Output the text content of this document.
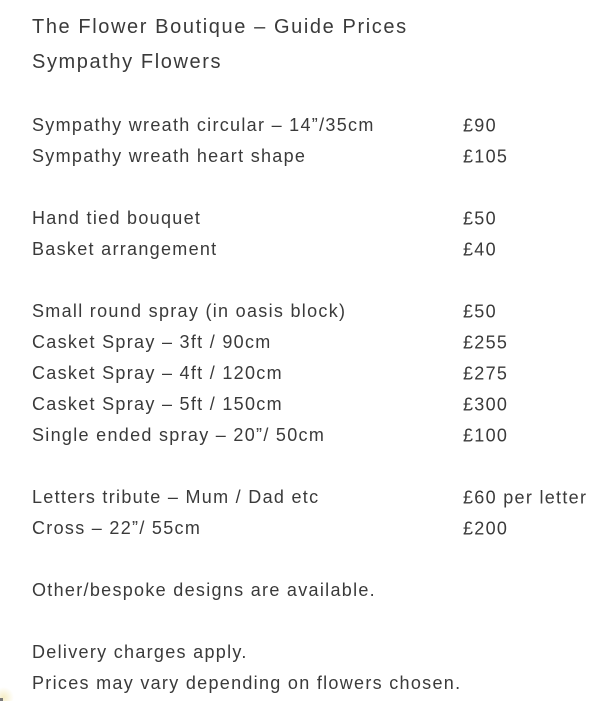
The Flower Boutique – Guide Prices
Sympathy Flowers
Sympathy wreath circular – 14”/35cm	£90
Sympathy wreath heart shape	£105
Hand tied bouquet	£50
Basket arrangement	£40
Small round spray (in oasis block)	£50
Casket Spray – 3ft / 90cm	£255
Casket Spray – 4ft / 120cm	£275
Casket Spray – 5ft / 150cm	£300
Single ended spray – 20”/ 50cm	£100
Letters tribute – Mum / Dad etc	£60 per letter
Cross – 22”/ 55cm	£200
Other/bespoke designs are available.
Delivery charges apply.
Prices may vary depending on flowers chosen.
